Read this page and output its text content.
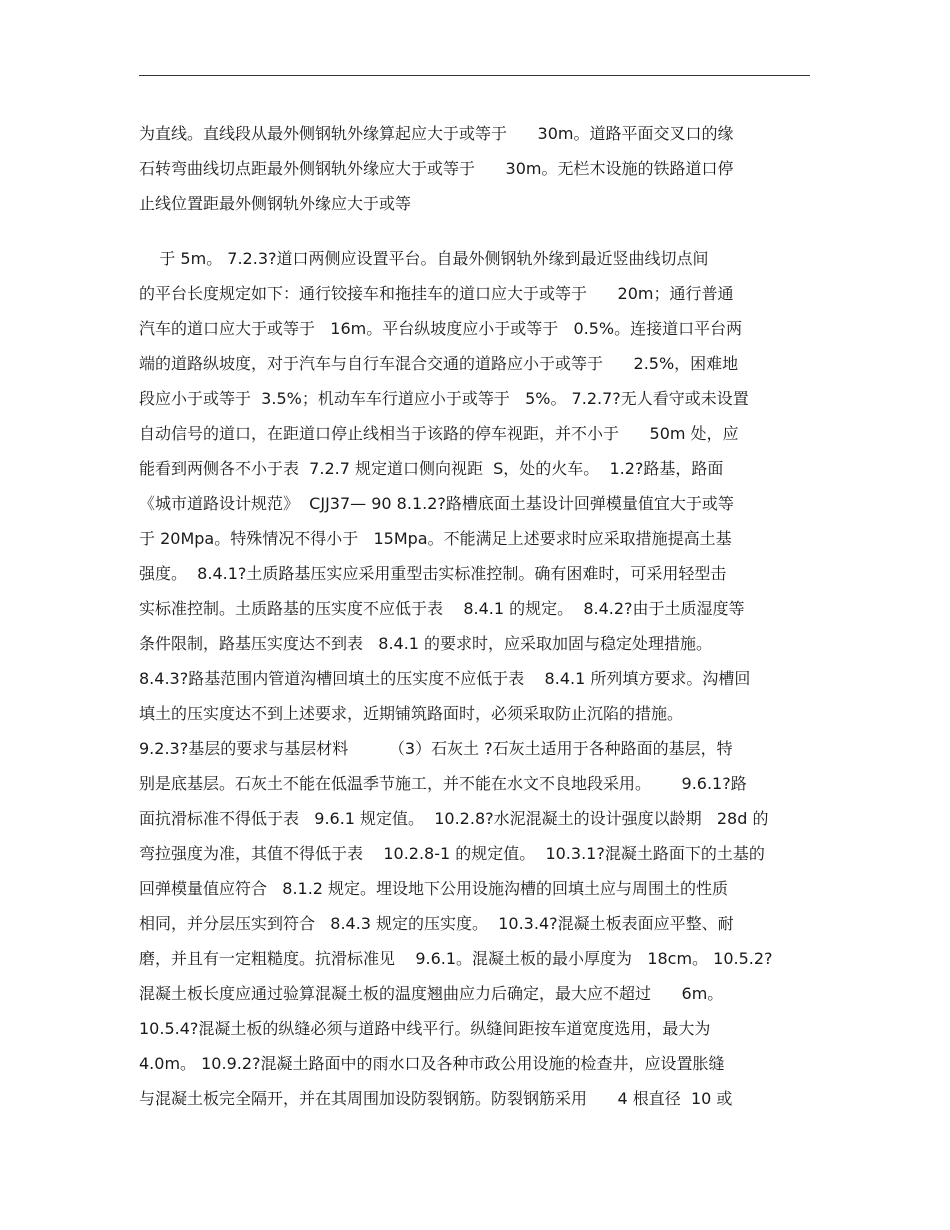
为直线。直线段从最外侧钢轨外缘算起应大于或等于      30m。道路平面交叉口的缘
石转弯曲线切点距最外侧钢轨外缘应大于或等于      30m。无栏木设施的铁路道口停
止线位置距最外侧钢轨外缘应大于或等
于 5m。 7.2.3?道口两侧应设置平台。自最外侧钢轨外缘到最近竖曲线切点间
的平台长度规定如下：通行铰接车和拖挂车的道口应大于或等于      20m；通行普通
汽车的道口应大于或等于   16m。平台纵坡度应小于或等于   0.5%。连接道口平台两
端的道路纵坡度，对于汽车与自行车混合交通的道路应小于或等于      2.5%，困难地
段应小于或等于  3.5%；机动车车行道应小于或等于   5%。 7.2.7?无人看守或未设置
自动信号的道口，在距道口停止线相当于该路的停车视距，并不小于      50m 处，应
能看到两侧各不小于表  7.2.7 规定道口侧向视距  S，处的火车。  1.2?路基，路面
《城市道路设计规范》  CJJ37— 90 8.1.2?路槽底面土基设计回弹模量值宜大于或等
于 20Mpa。特殊情况不得小于   15Mpa。不能满足上述要求时应采取措施提高土基
强度。  8.4.1?土质路基压实应采用重型击实标准控制。确有困难时，可采用轻型击
实标准控制。土质路基的压实度不应低于表    8.4.1 的规定。  8.4.2?由于土质湿度等
条件限制，路基压实度达不到表   8.4.1 的要求时，应采取加固与稳定处理措施。
8.4.3?路基范围内管道沟槽回填土的压实度不应低于表    8.4.1 所列填方要求。沟槽回
填土的压实度达不到上述要求，近期铺筑路面时，必须采取防止沉陷的措施。
9.2.3?基层的要求与基层材料        （3）石灰土 ?石灰土适用于各种路面的基层，特
别是底基层。石灰土不能在低温季节施工，并不能在水文不良地段采用。      9.6.1?路
面抗滑标准不得低于表   9.6.1 规定值。  10.2.8?水泥混凝土的设计强度以龄期   28d 的
弯拉强度为准，其值不得低于表    10.2.8-1 的规定值。  10.3.1?混凝土路面下的土基的
回弹模量值应符合   8.1.2 规定。埋设地下公用设施沟槽的回填土应与周围土的性质
相同，并分层压实到符合   8.4.3 规定的压实度。  10.3.4?混凝土板表面应平整、耐
磨，并且有一定粗糙度。抗滑标准见    9.6.1。混凝土板的最小厚度为   18cm。 10.5.2?
混凝土板长度应通过验算混凝土板的温度翘曲应力后确定，最大应不超过      6m。
10.5.4?混凝土板的纵缝必须与道路中线平行。纵缝间距按车道宽度选用，最大为
4.0m。 10.9.2?混凝土路面中的雨水口及各种市政公用设施的检查井，应设置胀缝
与混凝土板完全隔开，并在其周围加设防裂钢筋。防裂钢筋采用      4 根直径  10 或
